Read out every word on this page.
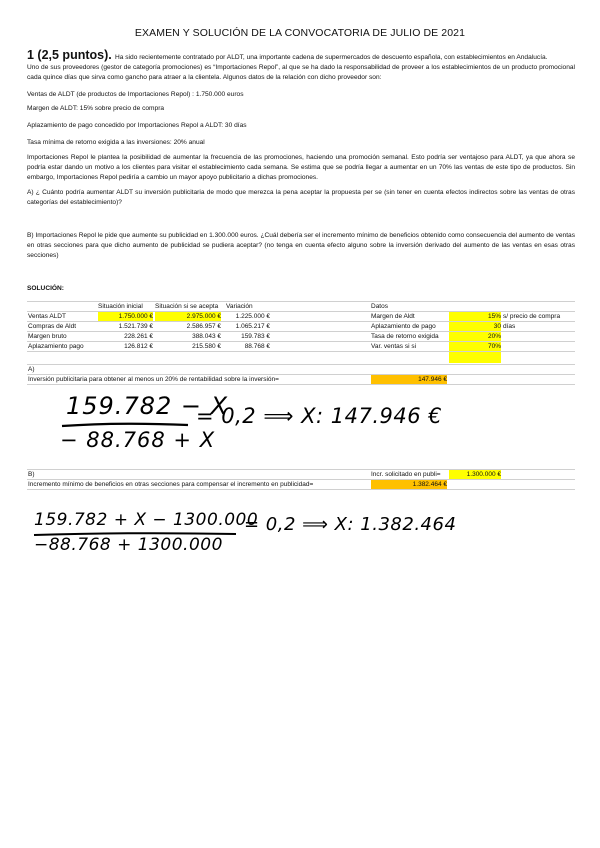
EXAMEN Y SOLUCIÓN DE LA CONVOCATORIA DE JULIO DE 2021
1 (2,5 puntos). Ha sido recientemente contratado por ALDT, una importante cadena de supermercados de descuento española, con establecimientos en Andalucía.
Uno de sus proveedores (gestor de categoría promociones) es “Importaciones Repol”, al que se ha dado la responsabilidad de proveer a los establecimientos de un producto promocional cada quince días que sirva como gancho para atraer a la clientela. Algunos datos de la relación con dicho proveedor son:
Ventas de ALDT (de productos de Importaciones Repol) : 1.750.000 euros
Margen de ALDT: 15% sobre precio de compra
Aplazamiento de pago concedido por Importaciones Repol a ALDT: 30 días
Tasa mínima de retorno exigida a las inversiones: 20% anual
Importaciones Repol le plantea la posibilidad de aumentar la frecuencia de las promociones, haciendo una promoción semanal. Esto podría ser ventajoso para ALDT, ya que ahora se podría estar dando un motivo a los clientes para visitar el establecimiento cada semana. Se estima que se podría llegar a aumentar en un 70% las ventas de este tipo de productos. Sin embargo, Importaciones Repol pediría a cambio un mayor apoyo publicitario a dichas promociones.
A) ¿ Cuánto podría aumentar ALDT su inversión publicitaria de modo que merezca la pena aceptar la propuesta per se (sin tener en cuenta efectos indirectos sobre las ventas de otras categorías del establecimiento)?
B) Importaciones Repol le pide que aumente su publicidad en 1.300.000 euros. ¿Cuál debería ser el incremento mínimo de beneficios obtenido como consecuencia del aumento de ventas en otras secciones para que dicho aumento de publicidad se pudiera aceptar? (no tenga en cuenta efecto alguno sobre la inversión derivado del aumento de las ventas en esas otras secciones)
SOLUCIÓN:
Situación inicial Situación si se acepta Variación
Ventas ALDT	1.750.000 €	2.975.000 €	1.225.000 €
Compras de Aldt	1.521.739 €	2.586.957 €	1.065.217 €
Margen bruto	228.261 €	388.043 €	159.783 €
Aplazamiento pago	126.812 €	215.580 €	88.768 €
Datos
Margen de Aldt	15% s/ precio de compra
Aplazamiento de pago	30 días
Tasa de retorno exigida	20%
Var. ventas si si	70%
A)
Inversión publicitaria para obtener al menos un 20% de rentabilidad sobre la inversión=	147.946 €
B)	Incr. solicitado en publi=	1.300.000 €
Incremento mínimo de beneficios en otras secciones para compensar el incremento en publicidad=	1.382.464 €
159.782 − X
= 0,2 ⟹ X: 147.946 €
− 88.768 + X
159.782 + X − 1300.000
= 0,2 ⟹ X: 1.382.464
−88.768 + 1300.000
